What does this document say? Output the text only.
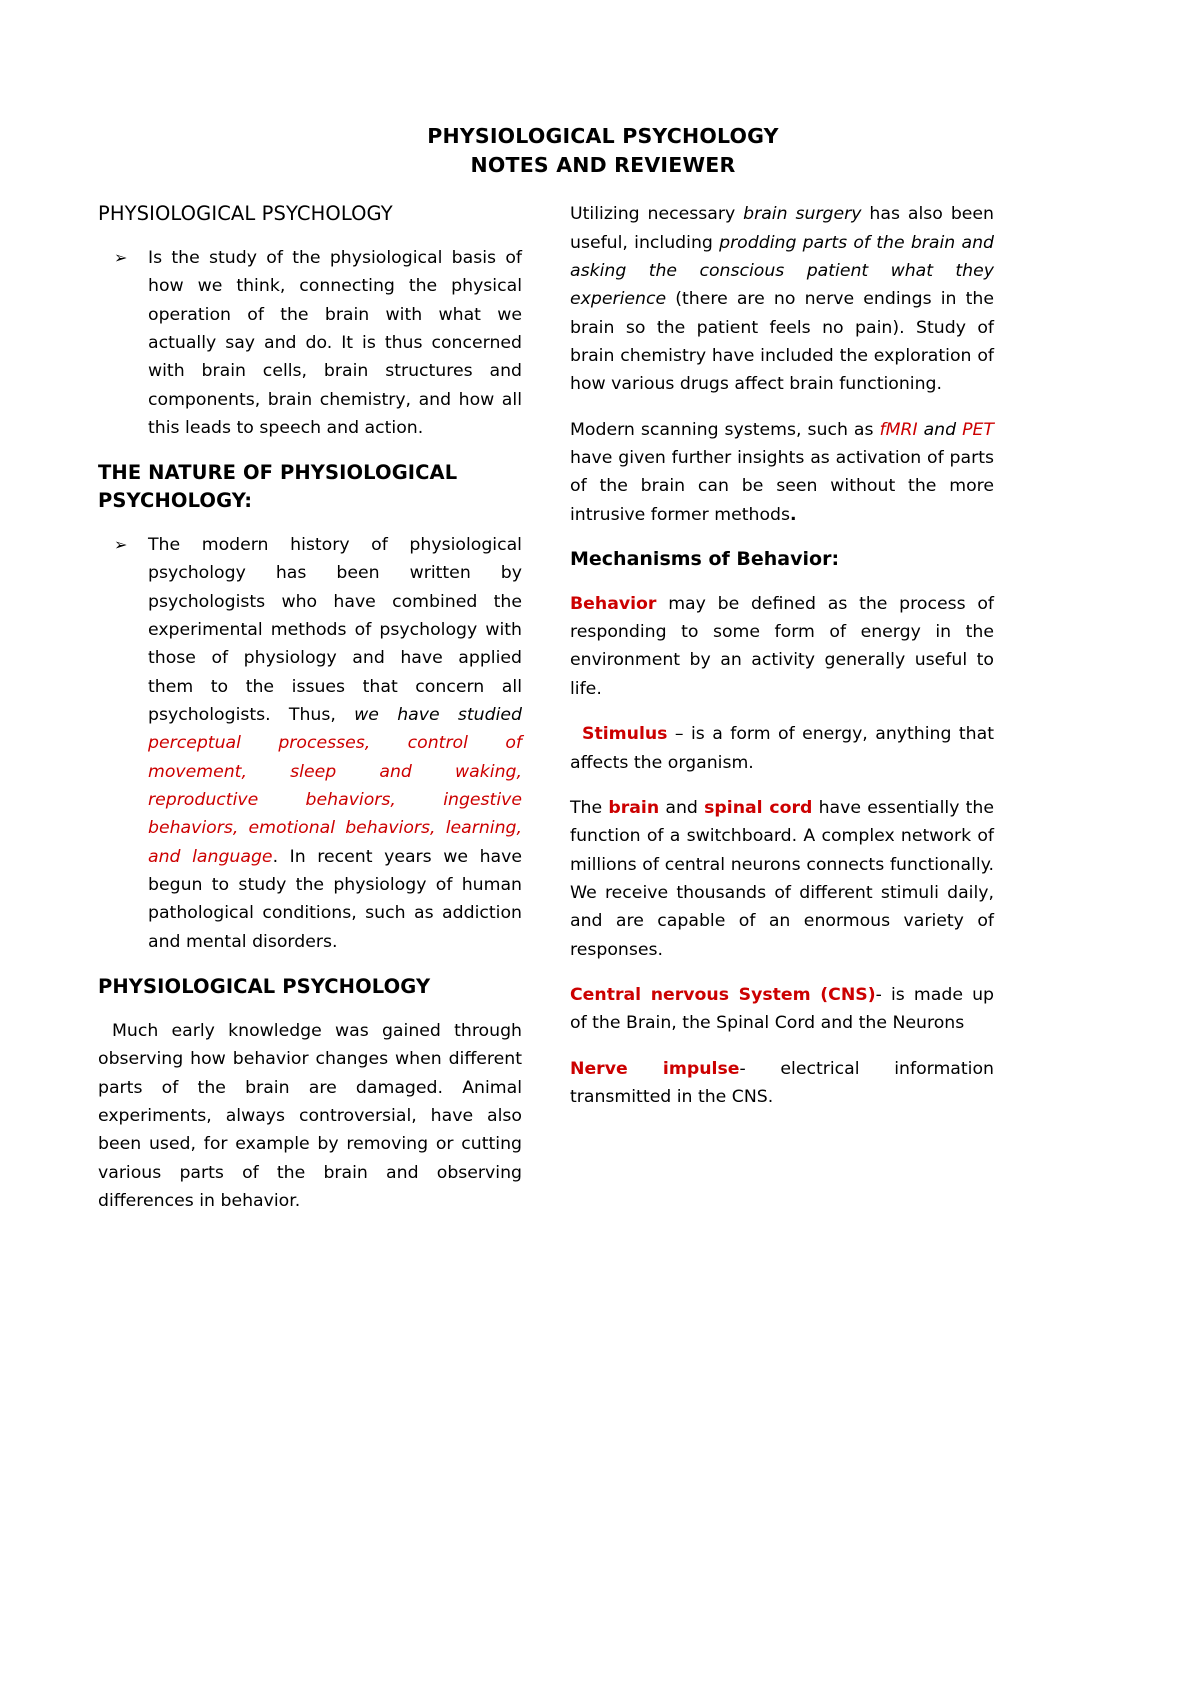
PHYSIOLOGICAL PSYCHOLOGY
NOTES AND REVIEWER
PHYSIOLOGICAL PSYCHOLOGY
➢	Is the study of the physiological basis of how we think, connecting the physical operation of the brain with what we actually say and do. It is thus concerned with brain cells, brain structures and components, brain chemistry, and how all this leads to speech and action.
THE NATURE OF PHYSIOLOGICAL PSYCHOLOGY:
➢	The modern history of physiological psychology has been written by psychologists who have combined the experimental methods of psychology with those of physiology and have applied them to the issues that concern all psychologists. Thus, we have studied perceptual processes, control of movement, sleep and waking, reproductive behaviors, ingestive behaviors, emotional behaviors, learning, and language. In recent years we have begun to study the physiology of human pathological conditions, such as addiction and mental disorders.
PHYSIOLOGICAL PSYCHOLOGY

Much early knowledge was gained through observing how behavior changes when different parts of the brain are damaged. Animal experiments, always controversial, have also been used, for example by removing or cutting various parts of the brain and observing differences in behavior.

Utilizing necessary brain surgery has also been useful, including prodding parts of the brain and asking the conscious patient what they experience (there are no nerve endings in the brain so the patient feels no pain). Study of brain chemistry have included the exploration of how various drugs affect brain functioning.

Modern scanning systems, such as fMRI and PET have given further insights as activation of parts of the brain can be seen without the more intrusive former methods.

Mechanisms of Behavior:

Behavior may be defined as the process of responding to some form of energy in the environment by an activity generally useful to life.

Stimulus – is a form of energy, anything that affects the organism.

The brain and spinal cord have essentially the function of a switchboard. A complex network of millions of central neurons connects functionally. We receive thousands of different stimuli daily, and are capable of an enormous variety of responses.

Central nervous System (CNS)- is made up of the Brain, the Spinal Cord and the Neurons

Nerve impulse- electrical information transmitted in the CNS.
